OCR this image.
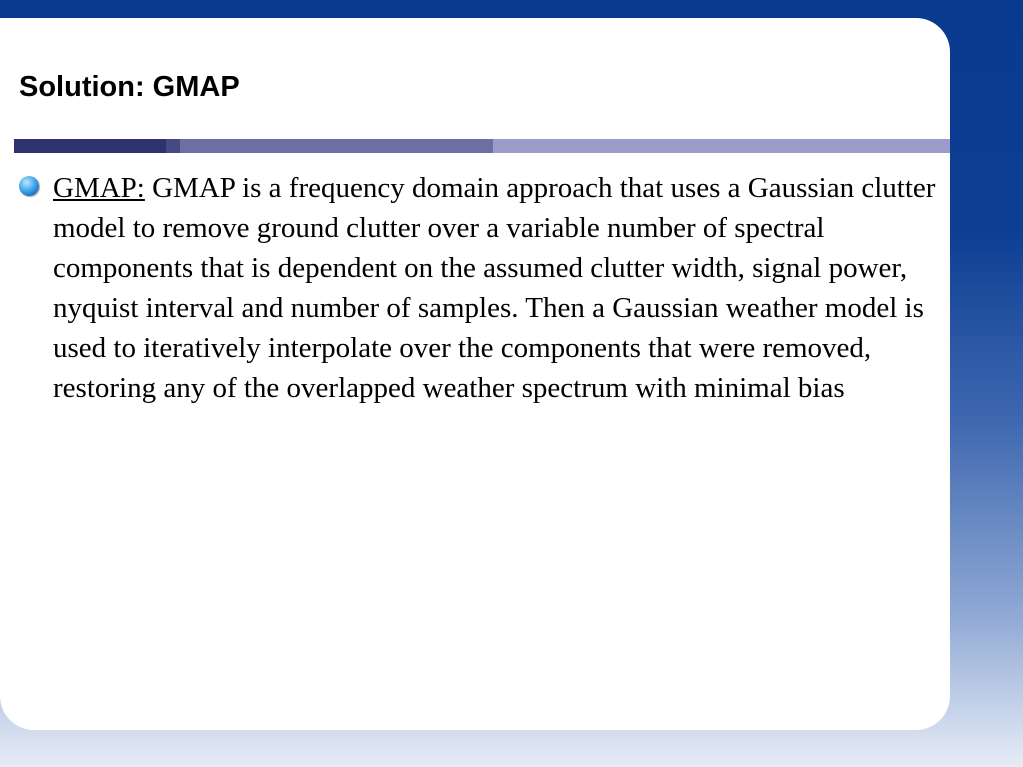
Solution: GMAP
GMAP: GMAP is a frequency domain approach that uses a Gaussian clutter model to remove ground clutter over a variable number of spectral components that is dependent on the assumed clutter width, signal power, nyquist interval and number of samples. Then a Gaussian weather model is used to iteratively interpolate over the components that were removed, restoring any of the overlapped weather spectrum with minimal bias
